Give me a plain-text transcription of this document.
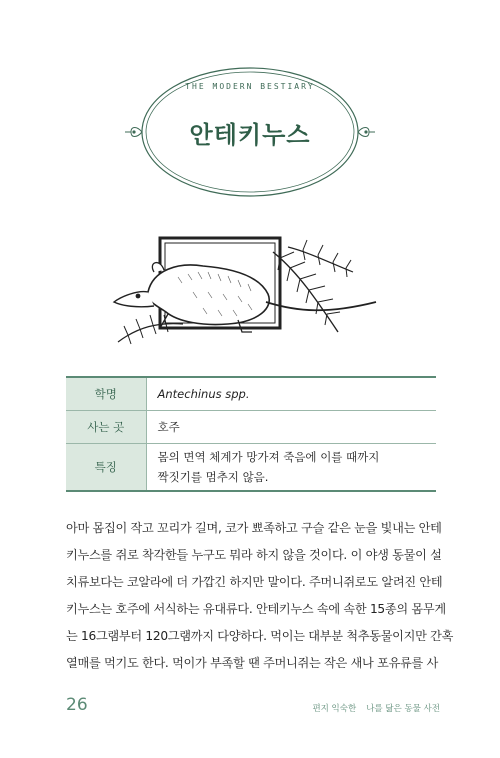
THE MODERN BESTIARY
안테키누스
학명	Antechinus spp.
사는 곳	호주
특징	몸의 면역 체계가 망가져 죽음에 이를 때까지
짝짓기를 멈추지 않음.
아마 몸집이 작고 꼬리가 길며, 코가 뾰족하고 구슬 같은 눈을 빛내는 안테
키누스를 쥐로 착각한들 누구도 뭐라 하지 않을 것이다. 이 야생 동물이 설
치류보다는 코알라에 더 가깝긴 하지만 말이다. 주머니쥐로도 알려진 안테
키누스는 호주에 서식하는 유대류다. 안테키누스 속에 속한 15종의 몸무게
는 16그램부터 120그램까지 다양하다. 먹이는 대부분 척추동물이지만 간혹
열매를 먹기도 한다. 먹이가 부족할 땐 주머니쥐는 작은 새나 포유류를 사
26	편지 익숙한 나를 닮은 동물 사전
